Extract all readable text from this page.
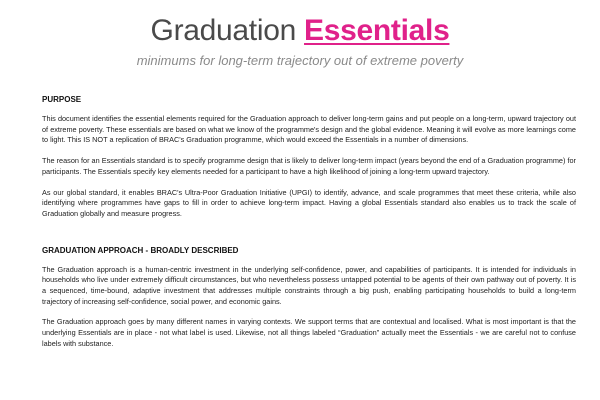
Graduation Essentials
minimums for long-term trajectory out of extreme poverty
PURPOSE

This document identifies the essential elements required for the Graduation approach to deliver long-term gains and put people on a long-term, upward trajectory out of extreme poverty. These essentials are based on what we know of the programme's design and the global evidence. Meaning it will evolve as more learnings come to light. This IS NOT a replication of BRAC's Graduation programme, which would exceed the Essentials in a number of dimensions.

The reason for an Essentials standard is to specify programme design that is likely to deliver long-term impact (years beyond the end of a Graduation programme) for participants. The Essentials specify key elements needed for a participant to have a high likelihood of joining a long-term upward trajectory.

As our global standard, it enables BRAC's Ultra-Poor Graduation Initiative (UPGI) to identify, advance, and scale programmes that meet these criteria, while also identifying where programmes have gaps to fill in order to achieve long-term impact. Having a global Essentials standard also enables us to track the scale of Graduation globally and measure progress.

GRADUATION APPROACH - BROADLY DESCRIBED

The Graduation approach is a human-centric investment in the underlying self-confidence, power, and capabilities of participants. It is intended for individuals in households who live under extremely difficult circumstances, but who nevertheless possess untapped potential to be agents of their own pathway out of poverty. It is a sequenced, time-bound, adaptive investment that addresses multiple constraints through a big push, enabling participating households to build a long-term trajectory of increasing self-confidence, social power, and economic gains.

The Graduation approach goes by many different names in varying contexts. We support terms that are contextual and localised. What is most important is that the underlying Essentials are in place - not what label is used. Likewise, not all things labeled “Graduation” actually meet the Essentials - we are careful not to confuse labels with substance.
